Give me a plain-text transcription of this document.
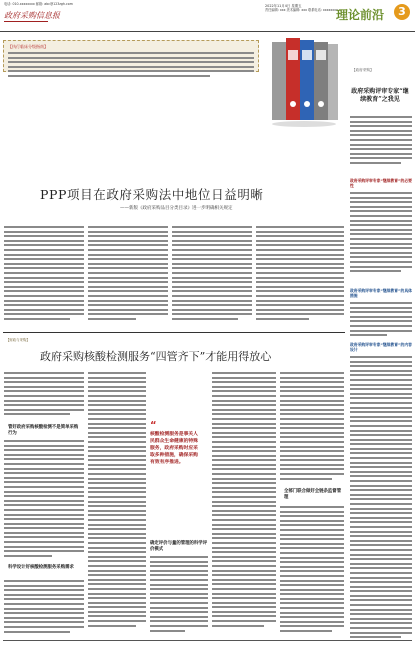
电话: 010-xxxxxxxx 邮箱: abc@123zgh.com
政府采购信息报
2022年11月4日 星期五
责任编辑: xxx 美术编辑: xxx 联系电话: xxxxxxxx
理论前沿	3
【执行临床分级指南】
PPP项目在政府采购法中地位日益明晰
——新版《政府采购品目分类目录》进一步明确相关规定
【政府采购】
政府采购评审专家“继续教育”之我见
政府采购评审专家“继续教育”的必要性
政府采购评审专家“继续教育”的具体措施
政府采购评审专家“继续教育”的内容设计
【财政与采购】
政府采购核酸检测服务“四管齐下”才能用得放心
管好政府采购核酸检测不是简单采购行为
科学设计好核酸检测服务采购需求
“
核酸检测服务是事关人民群众生命健康的特殊服务，政府采购时应采取多种措施，确保采购有效有序推进。
确定评价与量的管理的科学评价模式
全部门联合做好全链条监督管理
